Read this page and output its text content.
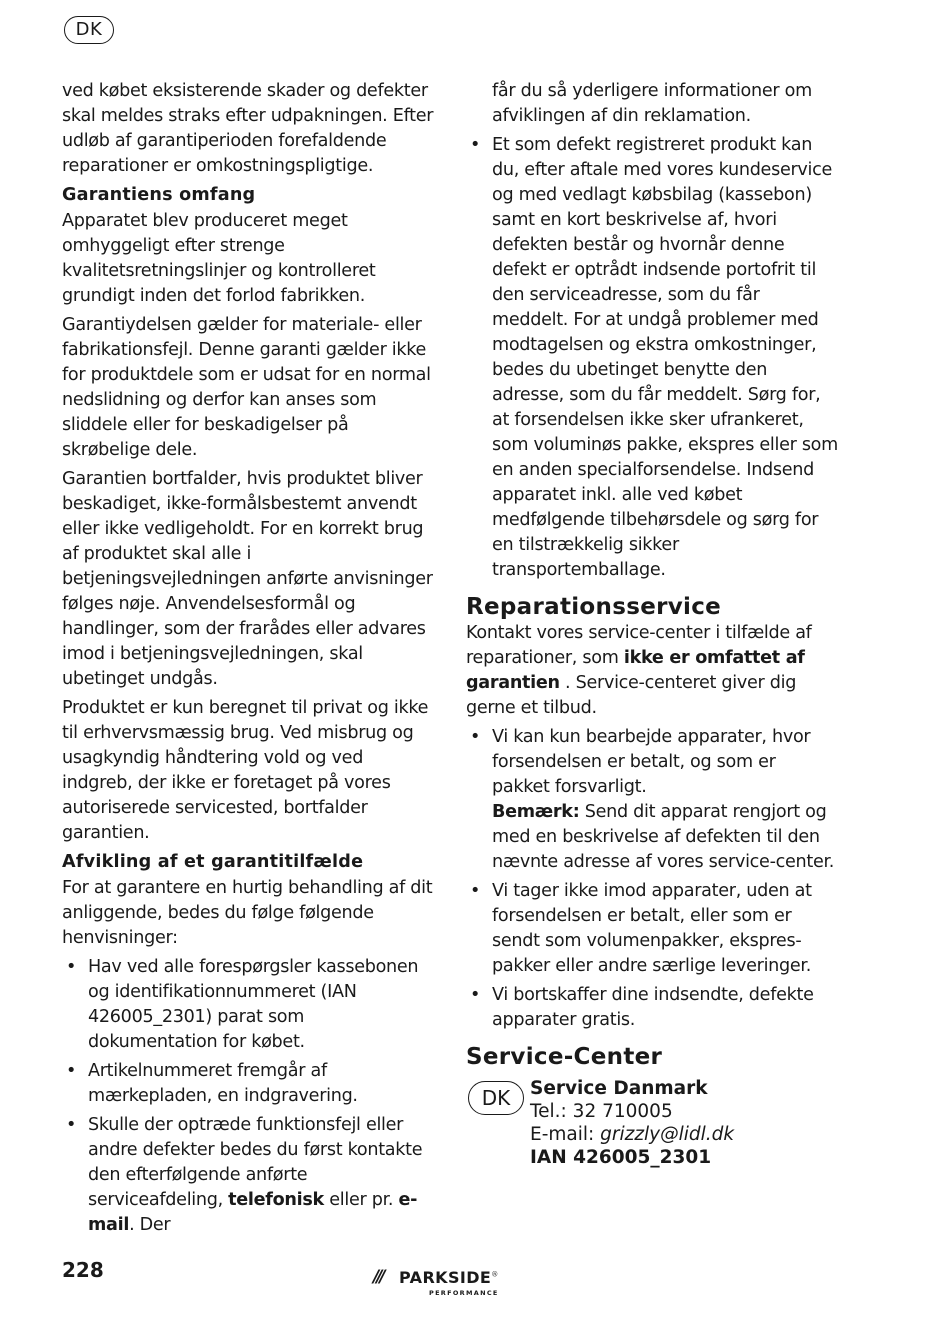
DK

ved købet eksisterende skader og defekter skal meldes straks efter udpakningen. Efter udløb af garantiperioden forefaldende reparationer er omkostningspligtige.

Garantiens omfang

Apparatet blev produceret meget omhyggeligt efter strenge kvalitetsretningslinjer og kontrolleret grundigt inden det forlod fabrikken.

Garantiydelsen gælder for materiale- eller fabrikationsfejl. Denne garanti gælder ikke for produktdele som er udsat for en normal nedslidning og derfor kan anses som sliddele eller for beskadigelser på skrøbelige dele.

Garantien bortfalder, hvis produktet bliver beskadiget, ikke-formålsbestemt anvendt eller ikke vedligeholdt. For en korrekt brug af produktet skal alle i betjeningsvejledningen anførte anvisninger følges nøje. Anvendelsesformål og handlinger, som der frarådes eller advares imod i betjeningsvejledningen, skal ubetinget undgås.

Produktet er kun beregnet til privat og ikke til erhvervsmæssig brug. Ved misbrug og usagkyndig håndtering vold og ved indgreb, der ikke er foretaget på vores autoriserede servicested, bortfalder garantien.

Afvikling af et garantitilfælde

For at garantere en hurtig behandling af dit anliggende, bedes du følge følgende henvisninger:

• Hav ved alle forespørgsler kassebonen og identifikationnummeret (IAN 426005_2301) parat som dokumentation for købet.
• Artikelnummeret fremgår af mærkepladen, en indgravering.
• Skulle der optræde funktionsfejl eller andre defekter bedes du først kontakte den efterfølgende anførte serviceafdeling, telefonisk eller pr. e-mail. Der

får du så yderligere informationer om afviklingen af din reklamation.

• Et som defekt registreret produkt kan du, efter aftale med vores kundeservice og med vedlagt købsbilag (kassebon) samt en kort beskrivelse af, hvori defekten består og hvornår denne defekt er optrådt indsende portofrit til den serviceadresse, som du får meddelt. For at undgå problemer med modtagelsen og ekstra omkostninger, bedes du ubetinget benytte den adresse, som du får meddelt. Sørg for, at forsendelsen ikke sker ufrankeret, som voluminøs pakke, ekspres eller som en anden specialforsendelse. Indsend apparatet inkl. alle ved købet medfølgende tilbehørsdele og sørg for en tilstrækkelig sikker transportemballage.
Reparationsservice

Kontakt vores service-center i tilfælde af reparationer, som ikke er omfattet af garantien . Service-centeret giver dig gerne et tilbud.

• Vi kan kun bearbejde apparater, hvor forsendelsen er betalt, og som er pakket forsvarligt.
Bemærk: Send dit apparat rengjort og med en beskrivelse af defekten til den nævnte adresse af vores service-center.
• Vi tager ikke imod apparater, uden at forsendelsen er betalt, eller som er sendt som volumenpakker, ekspres-pakker eller andre særlige leveringer.
• Vi bortskaffer dine indsendte, defekte apparater gratis.
Service-Center
DK	Service Danmark
Tel.: 32 710005
E-mail: grizzly@lidl.dk
IAN 426005_2301
228	/// PARKSIDE®
PERFORMANCE
